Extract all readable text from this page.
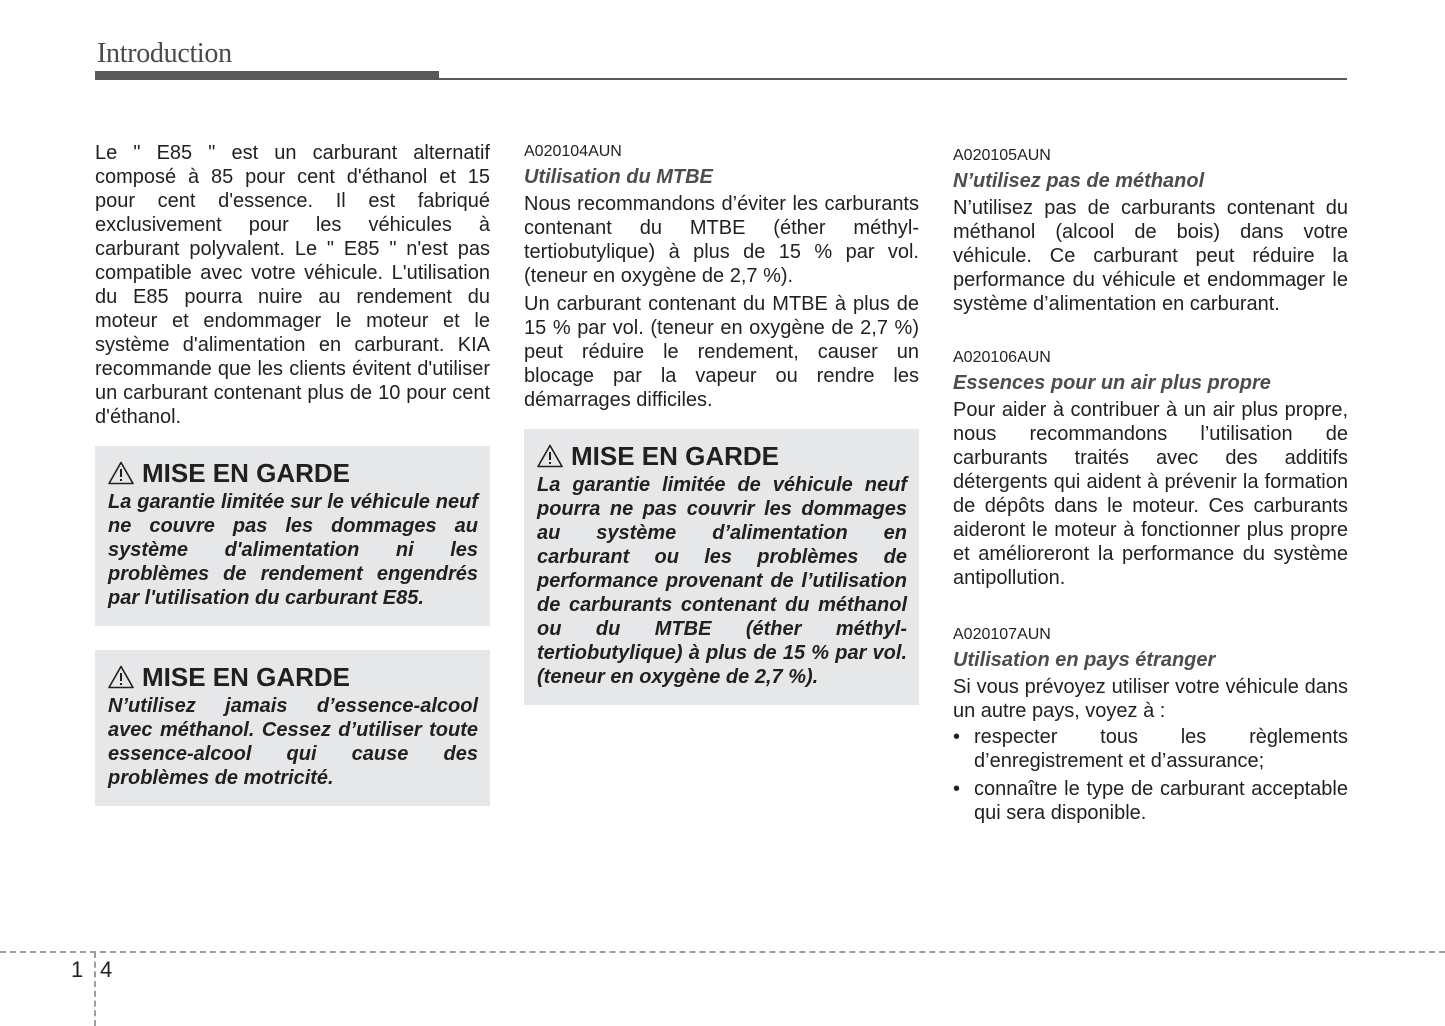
Introduction

Le " E85 " est un carburant alternatif composé à 85 pour cent d'éthanol et 15 pour cent d'essence. Il est fabriqué exclusivement pour les véhicules à carburant polyvalent. Le " E85 " n'est pas compatible avec votre véhicule. L'utilisation du E85 pourra nuire au rendement du moteur et endommager le moteur et le système d'alimentation en carburant. KIA recommande que les clients évitent d'utiliser un carburant contenant plus de 10 pour cent d'éthanol.

MISE EN GARDE
La garantie limitée sur le véhicule neuf ne couvre pas les dommages au système d'alimentation ni les problèmes de rendement engendrés par l'utilisation du carburant E85.
MISE EN GARDE
N’utilisez jamais d’essence-alcool avec méthanol. Cessez d’utiliser toute essence-alcool qui cause des problèmes de motricité.
A020104AUN
Utilisation du MTBE

Nous recommandons d’éviter les carburants contenant du MTBE (éther méthyl-tertiobutylique) à plus de 15 % par vol. (teneur en oxygène de 2,7 %).

Un carburant contenant du MTBE à plus de 15 % par vol. (teneur en oxygène de 2,7 %) peut réduire le rendement, causer un blocage par la vapeur ou rendre les démarrages difficiles.

MISE EN GARDE
La garantie limitée de véhicule neuf pourra ne pas couvrir les dommages au système d’alimentation en carburant ou les problèmes de performance provenant de l’utilisation de carburants contenant du méthanol ou du MTBE (éther méthyl-tertiobutylique) à plus de 15 % par vol. (teneur en oxygène de 2,7 %).
A020105AUN
N’utilisez pas de méthanol

N’utilisez pas de carburants contenant du méthanol (alcool de bois) dans votre véhicule. Ce carburant peut réduire la performance du véhicule et endommager le système d’alimentation en carburant.

A020106AUN
Essences pour un air plus propre

Pour aider à contribuer à un air plus propre, nous recommandons l’utilisation de carburants traités avec des additifs détergents qui aident à prévenir la formation de dépôts dans le moteur. Ces carburants aideront le moteur à fonctionner plus propre et amélioreront la performance du système antipollution.

A020107AUN
Utilisation en pays étranger

Si vous prévoyez utiliser votre véhicule dans un autre pays, voyez à :

• respecter tous les règlements d’enregistrement et d’assurance;
• connaître le type de carburant acceptable qui sera disponible.
1 4
